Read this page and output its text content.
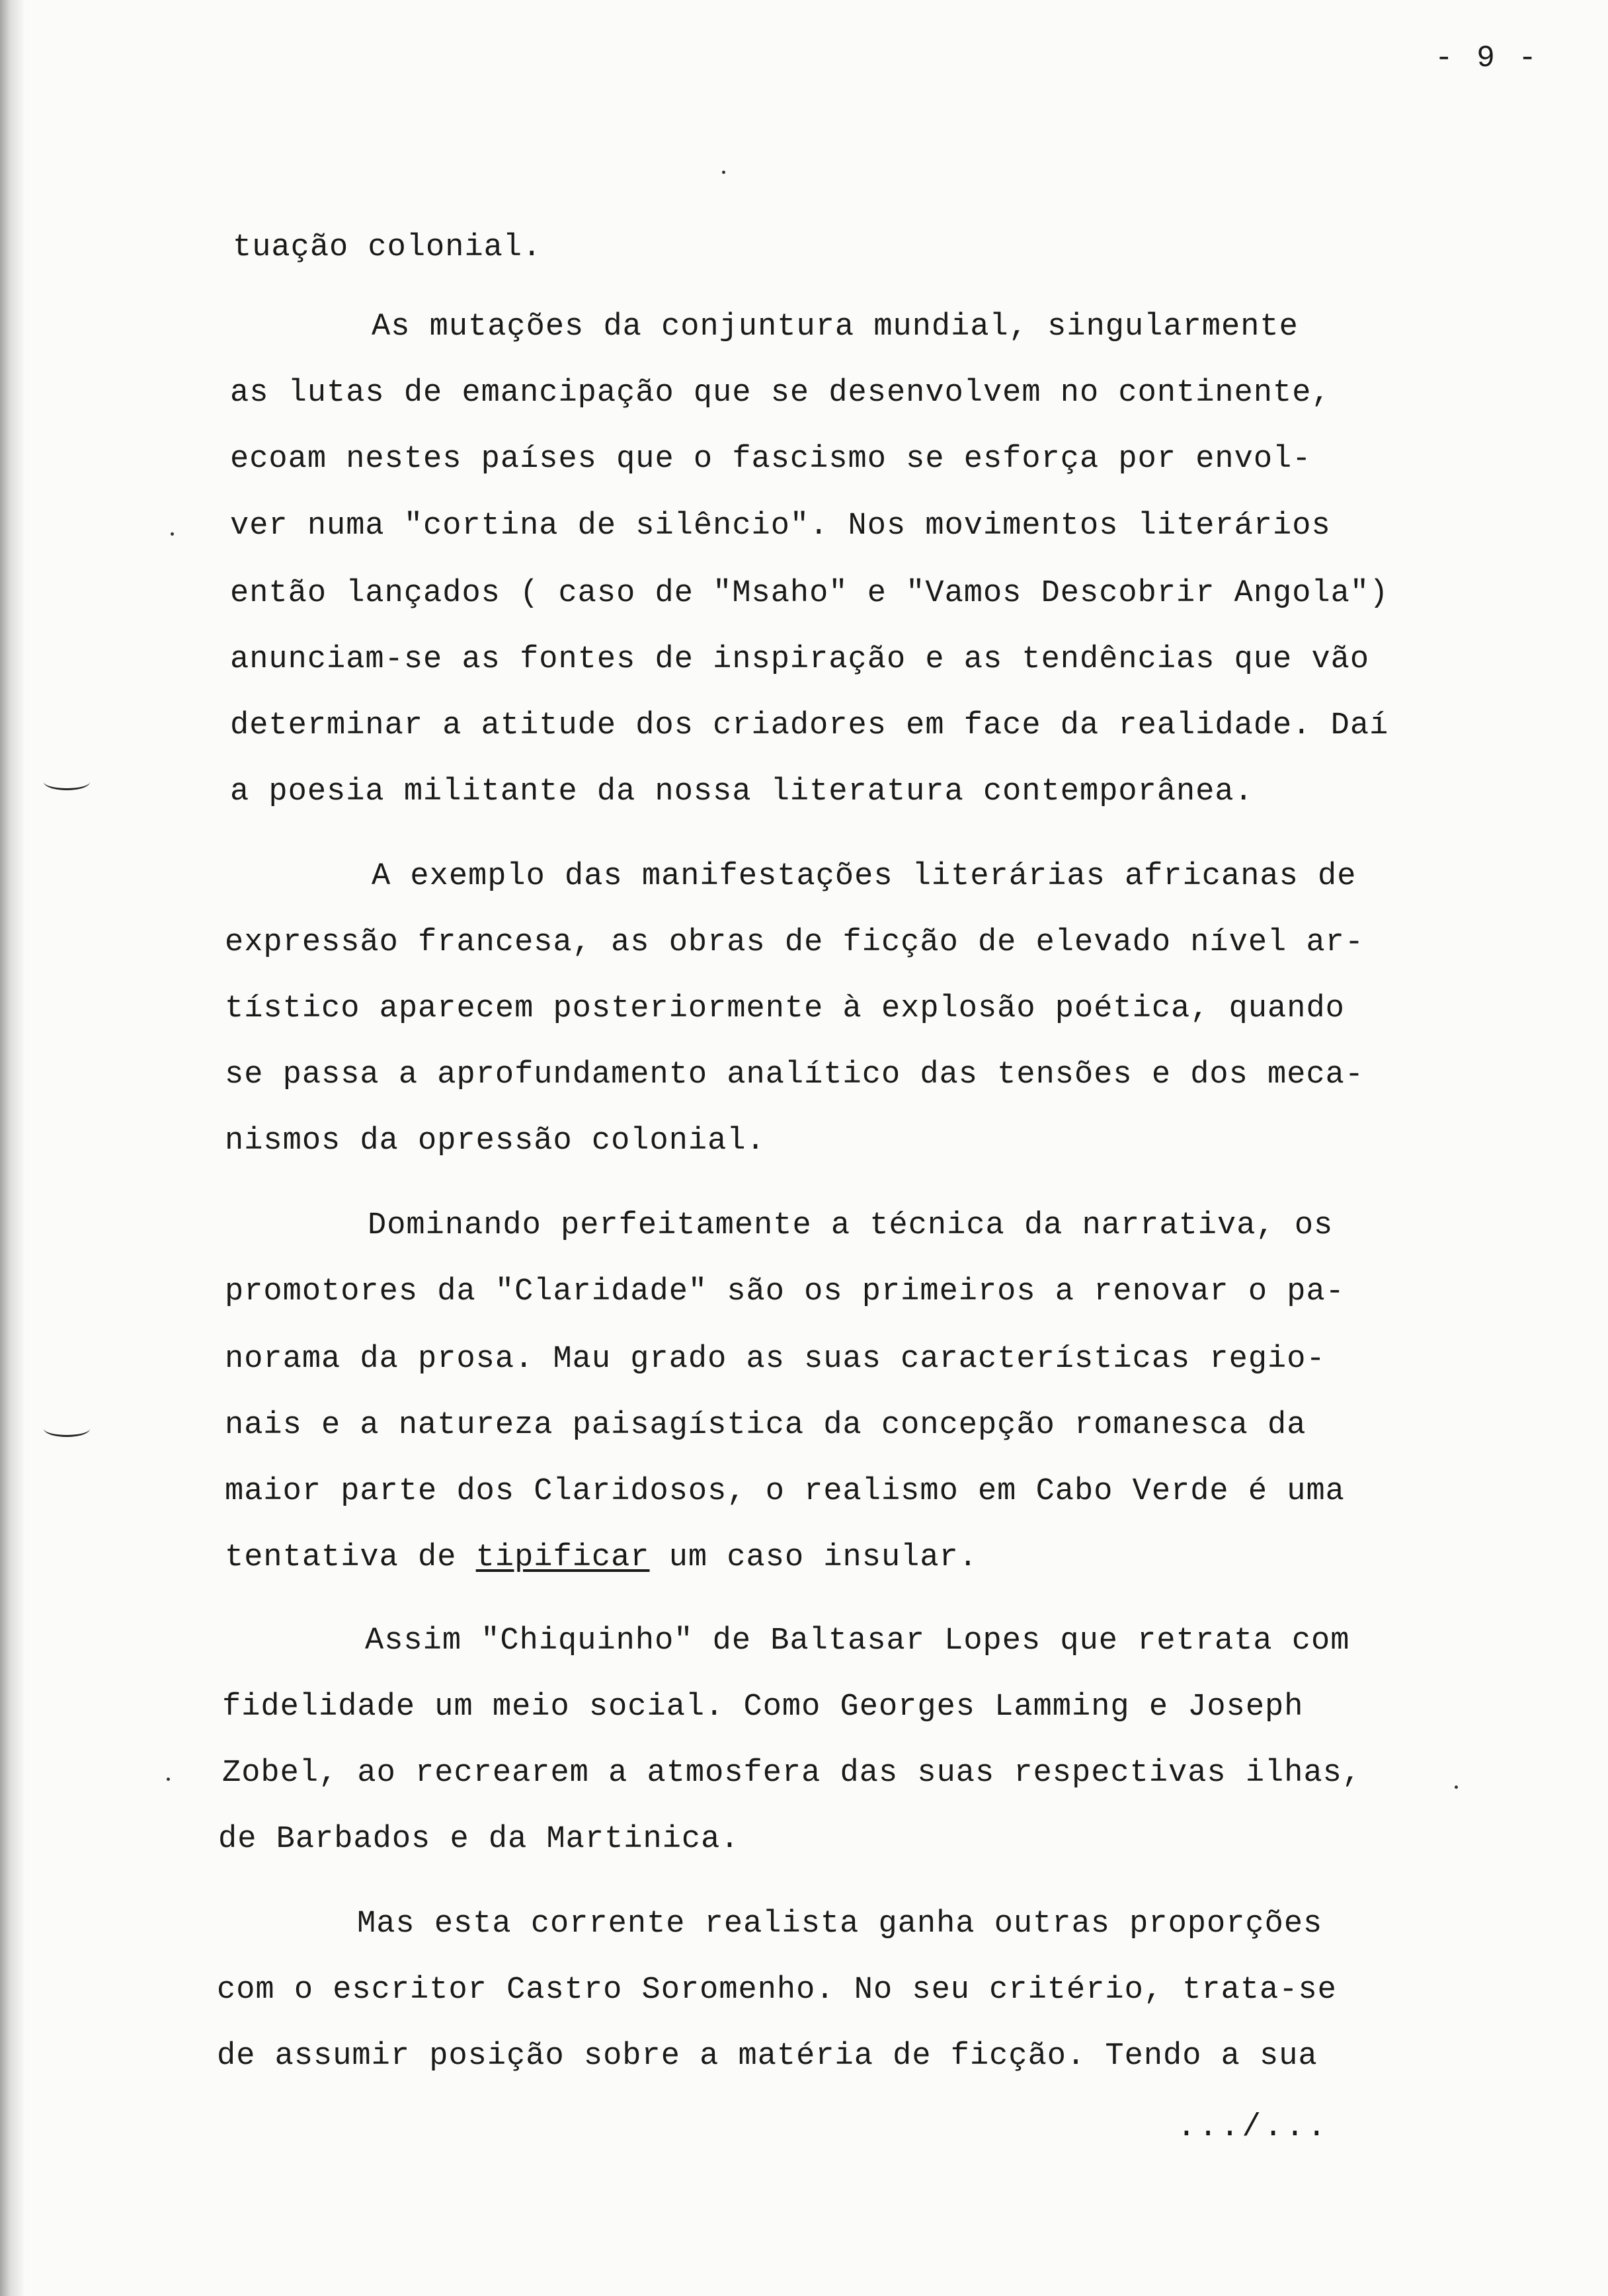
- 9 -
tuação colonial.
As mutações da conjuntura mundial, singularmente
as lutas de emancipação que se desenvolvem no continente,
ecoam nestes países que o fascismo se esforça por envol-
ver numa "cortina de silêncio". Nos movimentos literários
então lançados ( caso de "Msaho" e "Vamos Descobrir Angola")
anunciam-se as fontes de inspiração e as tendências que vão
determinar a atitude dos criadores em face da realidade. Daí
a poesia militante da nossa literatura contemporânea.
A exemplo das manifestações literárias africanas de
expressão francesa, as obras de ficção de elevado nível ar-
tístico aparecem posteriormente à explosão poética, quando
se passa a aprofundamento analítico das tensões e dos meca-
nismos da opressão colonial.
Dominando perfeitamente a técnica da narrativa, os
promotores da "Claridade" são os primeiros a renovar o pa-
norama da prosa. Mau grado as suas características regio-
nais e a natureza paisagística da concepção romanesca da
maior parte dos Claridosos, o realismo em Cabo Verde é uma
tentativa de tipificar um caso insular.
Assim "Chiquinho" de Baltasar Lopes que retrata com
fidelidade um meio social. Como Georges Lamming e Joseph
Zobel, ao recrearem a atmosfera das suas respectivas ilhas,
de Barbados e da Martinica.
Mas esta corrente realista ganha outras proporções
com o escritor Castro Soromenho. No seu critério, trata-se
de assumir posição sobre a matéria de ficção. Tendo a sua
.../...
